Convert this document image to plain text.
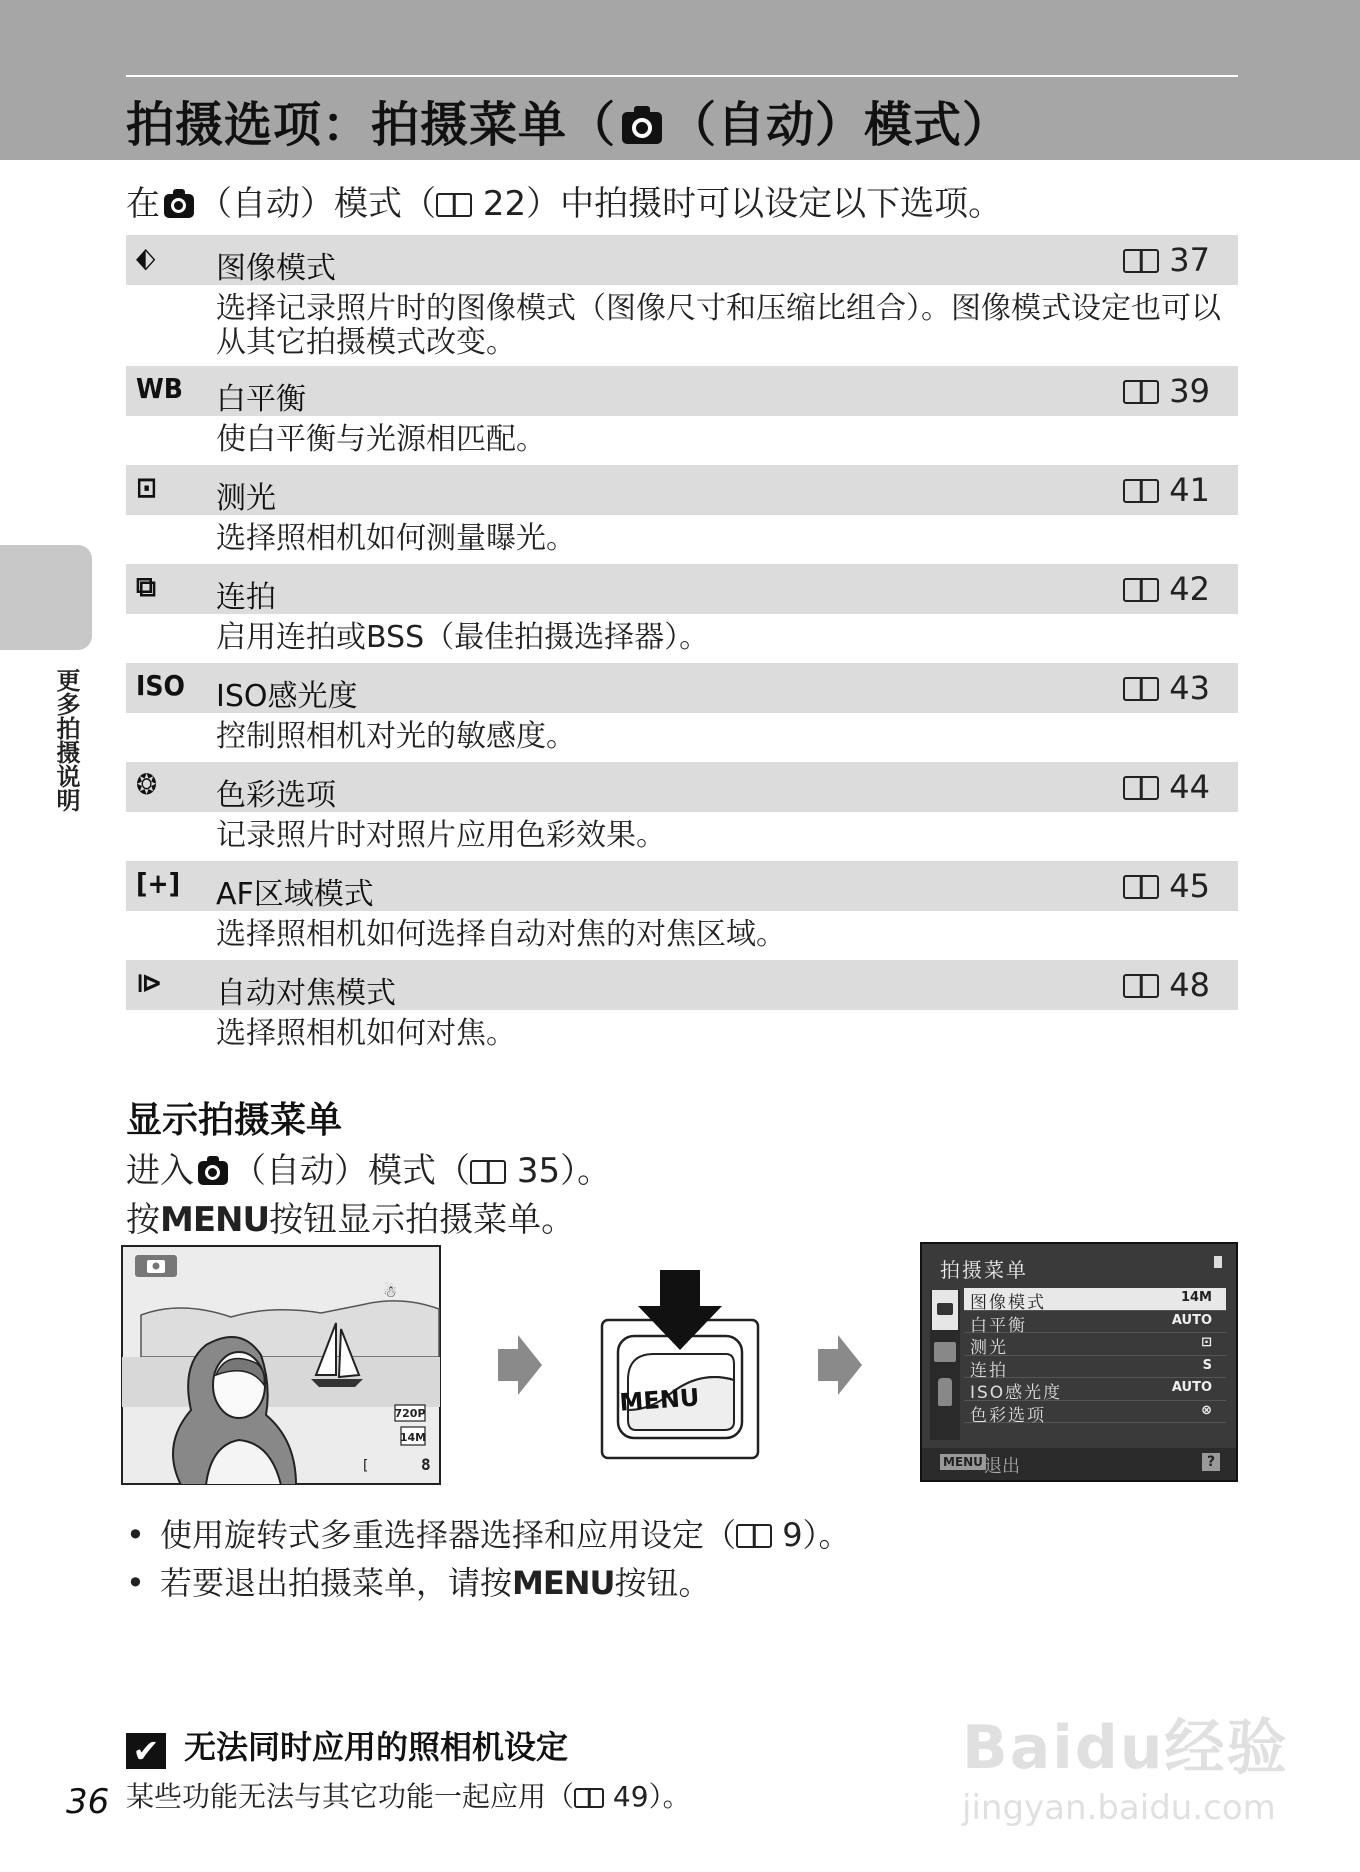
拍摄选项：拍摄菜单（ （自动）模式）
更多拍摄说明
在 （自动）模式（ 22）中拍摄时可以设定以下选项。
⬖ 图像模式	37
选择记录照片时的图像模式（图像尺寸和压缩比组合）。图像模式设定也可以从其它拍摄模式改变。
WB 白平衡	39
使白平衡与光源相匹配。
⊡ 测光	41
选择照相机如何测量曝光。
⧉ 连拍	42
启用连拍或BSS（最佳拍摄选择器）。
ISO ISO感光度	43
控制照相机对光的敏感度。
❂ 色彩选项	44
记录照片时对照片应用色彩效果。
[+] AF区域模式	45
选择照相机如何选择自动对焦的对焦区域。
⧐ 自动对焦模式	48
选择照相机如何对焦。
显示拍摄菜单
进入 （自动）模式（ 35）。
按MENU按钮显示拍摄菜单。
☃
720P
14M
[	8
MENU
拍摄菜单
图像模式	14M
白平衡	AUTO
测光	⊡
连拍	S
ISO感光度	AUTO
色彩选项	⊗
MENU 退出	?
• 使用旋转式多重选择器选择和应用设定（ 9）。
• 若要退出拍摄菜单，请按MENU按钮。
✔ 无法同时应用的照相机设定
某些功能无法与其它功能一起应用（ 49）。
36
Baidu经验
jingyan.baidu.com
